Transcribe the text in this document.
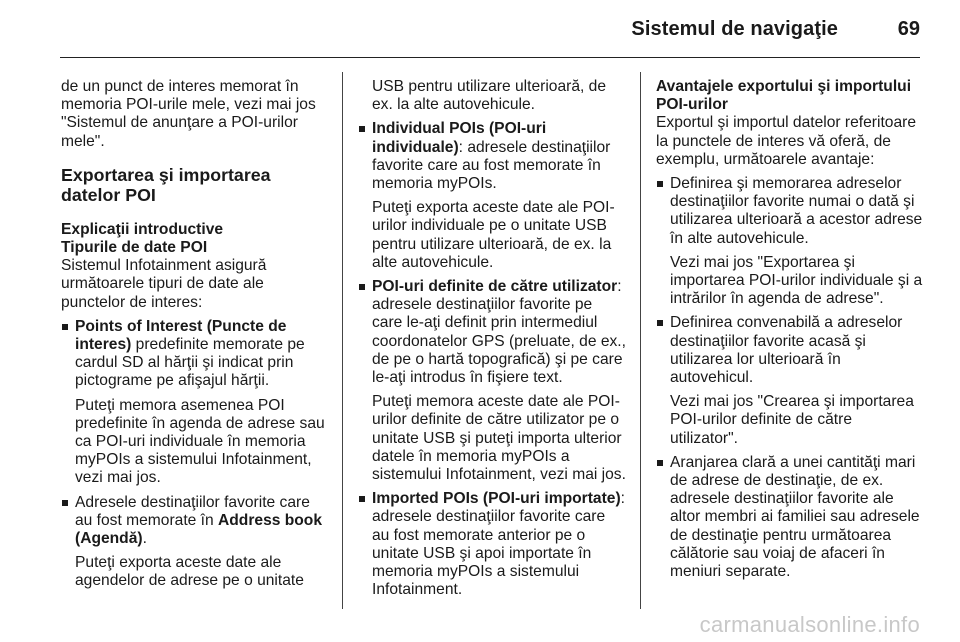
Sistemul de navigaţie	69

de un punct de interes memorat în memoria POI-urile mele, vezi mai jos "Sistemul de anunţare a POI-urilor mele".

Exportarea şi importarea datelor POI
Explicaţii introductive
Tipurile de date POI

Sistemul Infotainment asigură următoarele tipuri de date ale punctelor de interes:

Points of Interest (Puncte de interes) predefinite memorate pe cardul SD al hărţii şi indicat prin pictograme pe afişajul hărţii.

Puteţi memora asemenea POI predefinite în agenda de adrese sau ca POI-uri individuale în memoria myPOIs a sistemului Infotainment, vezi mai jos.

Adresele destinaţiilor favorite care au fost memorate în Address book (Agendă).

Puteţi exporta aceste date ale agendelor de adrese pe o unitate

USB pentru utilizare ulterioară, de ex. la alte autovehicule.

Individual POIs (POI-uri individuale): adresele destinaţiilor favorite care au fost memorate în memoria myPOIs.

Puteţi exporta aceste date ale POI-urilor individuale pe o unitate USB pentru utilizare ulterioară, de ex. la alte autovehicule.

POI-uri definite de către utilizator: adresele destinaţiilor favorite pe care le-aţi definit prin intermediul coordonatelor GPS (preluate, de ex., de pe o hartă topografică) şi pe care le-aţi introdus în fişiere text.

Puteţi memora aceste date ale POI-urilor definite de către utilizator pe o unitate USB şi puteţi importa ulterior datele în memoria myPOIs a sistemului Infotainment, vezi mai jos.

Imported POIs (POI-uri importate): adresele destinaţiilor favorite care au fost memorate anterior pe o unitate USB şi apoi importate în memoria myPOIs a sistemului Infotainment.

Avantajele exportului şi importului POI-urilor

Exportul şi importul datelor referitoare la punctele de interes vă oferă, de exemplu, următoarele avantaje:

Definirea şi memorarea adreselor destinaţiilor favorite numai o dată şi utilizarea ulterioară a acestor adrese în alte autovehicule.

Vezi mai jos "Exportarea şi importarea POI-urilor individuale şi a intrărilor în agenda de adrese".

Definirea convenabilă a adreselor destinaţiilor favorite acasă şi utilizarea lor ulterioară în autovehicul.

Vezi mai jos "Crearea şi importarea POI-urilor definite de către utilizator".

Aranjarea clară a unei cantităţi mari de adrese de destinaţie, de ex. adresele destinaţiilor favorite ale altor membri ai familiei sau adresele de destinaţie pentru următoarea călătorie sau voiaj de afaceri în meniuri separate.

carmanualsonline.info
